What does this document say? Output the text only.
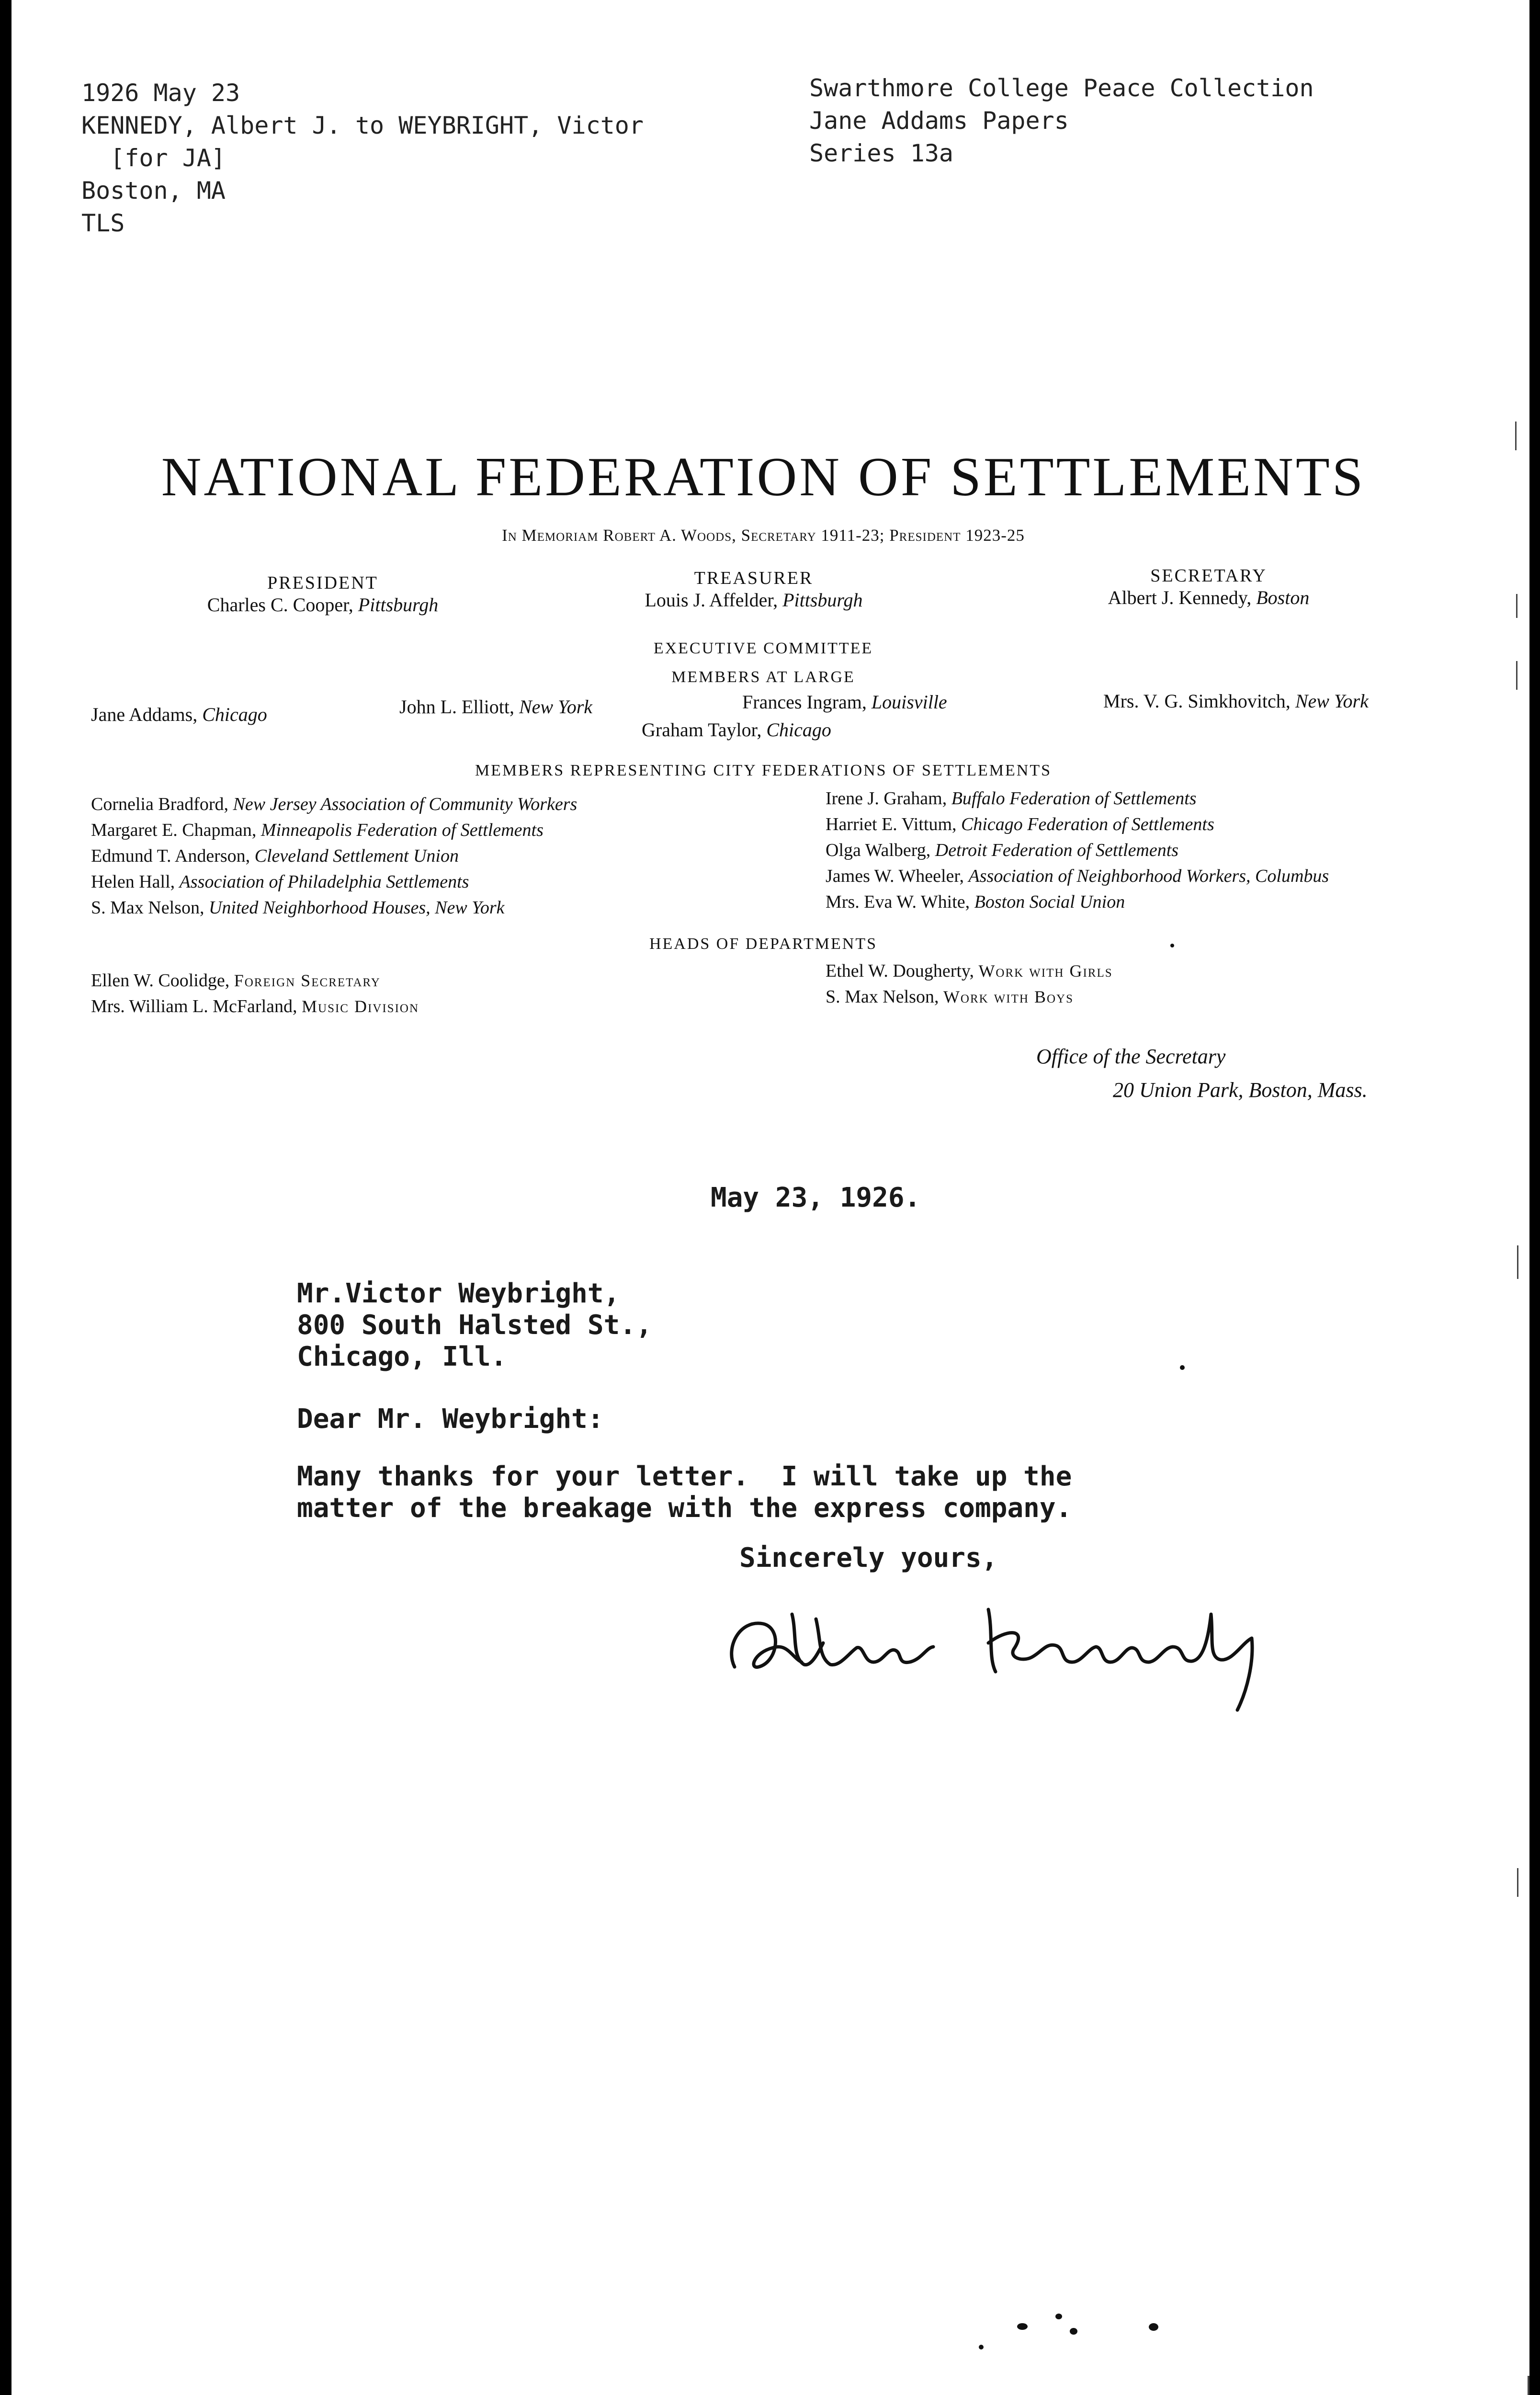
1926 May 23
KENNEDY, Albert J. to WEYBRIGHT, Victor
[for JA]
Boston, MA
TLS
Swarthmore College Peace Collection
Jane Addams Papers
Series 13a
NATIONAL FEDERATION OF SETTLEMENTS
In Memoriam Robert A. Woods, Secretary 1911-23; President 1923-25
PRESIDENT
Charles C. Cooper, Pittsburgh
TREASURER
Louis J. Affelder, Pittsburgh
SECRETARY
Albert J. Kennedy, Boston
EXECUTIVE COMMITTEE
MEMBERS AT LARGE
Jane Addams, Chicago	John L. Elliott, New York	Frances Ingram, Louisville
Graham Taylor, Chicago
Mrs. V. G. Simkhovitch, New York
MEMBERS REPRESENTING CITY FEDERATIONS OF SETTLEMENTS
Cornelia Bradford, New Jersey Association of Community Workers
Margaret E. Chapman, Minneapolis Federation of Settlements
Edmund T. Anderson, Cleveland Settlement Union
Helen Hall, Association of Philadelphia Settlements
S. Max Nelson, United Neighborhood Houses, New York
Irene J. Graham, Buffalo Federation of Settlements
Harriet E. Vittum, Chicago Federation of Settlements
Olga Walberg, Detroit Federation of Settlements
James W. Wheeler, Association of Neighborhood Workers, Columbus
Mrs. Eva W. White, Boston Social Union
HEADS OF DEPARTMENTS
Ellen W. Coolidge, Foreign Secretary
Mrs. William L. McFarland, Music Division
Ethel W. Dougherty, Work with Girls
S. Max Nelson, Work with Boys
Office of the Secretary
20 Union Park, Boston, Mass.
May 23, 1926.
Mr.Victor Weybright,
800 South Halsted St.,
Chicago, Ill.
Dear Mr. Weybright:
Many thanks for your letter.  I will take up the
matter of the breakage with the express company.
Sincerely yours,
